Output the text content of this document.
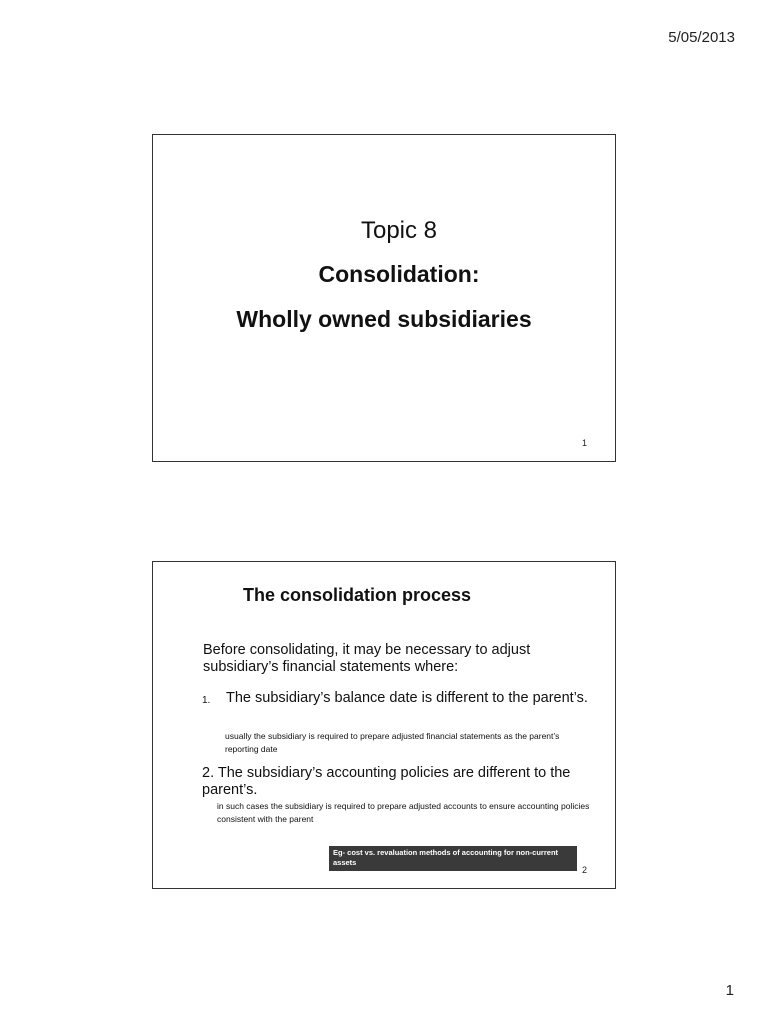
5/05/2013
Topic 8
Consolidation:
Wholly owned subsidiaries
1
The consolidation process
Before consolidating, it may be necessary to adjust subsidiary’s financial statements where:
1. The subsidiary’s balance date is different to the parent’s.
usually the subsidiary is required to prepare adjusted financial statements as the parent’s reporting date
2. The subsidiary’s accounting policies are different to the parent’s.
in such cases the subsidiary is required to prepare adjusted accounts to ensure accounting policies consistent with the parent
Eg- cost vs. revaluation methods of accounting for non-current assets
2
1
